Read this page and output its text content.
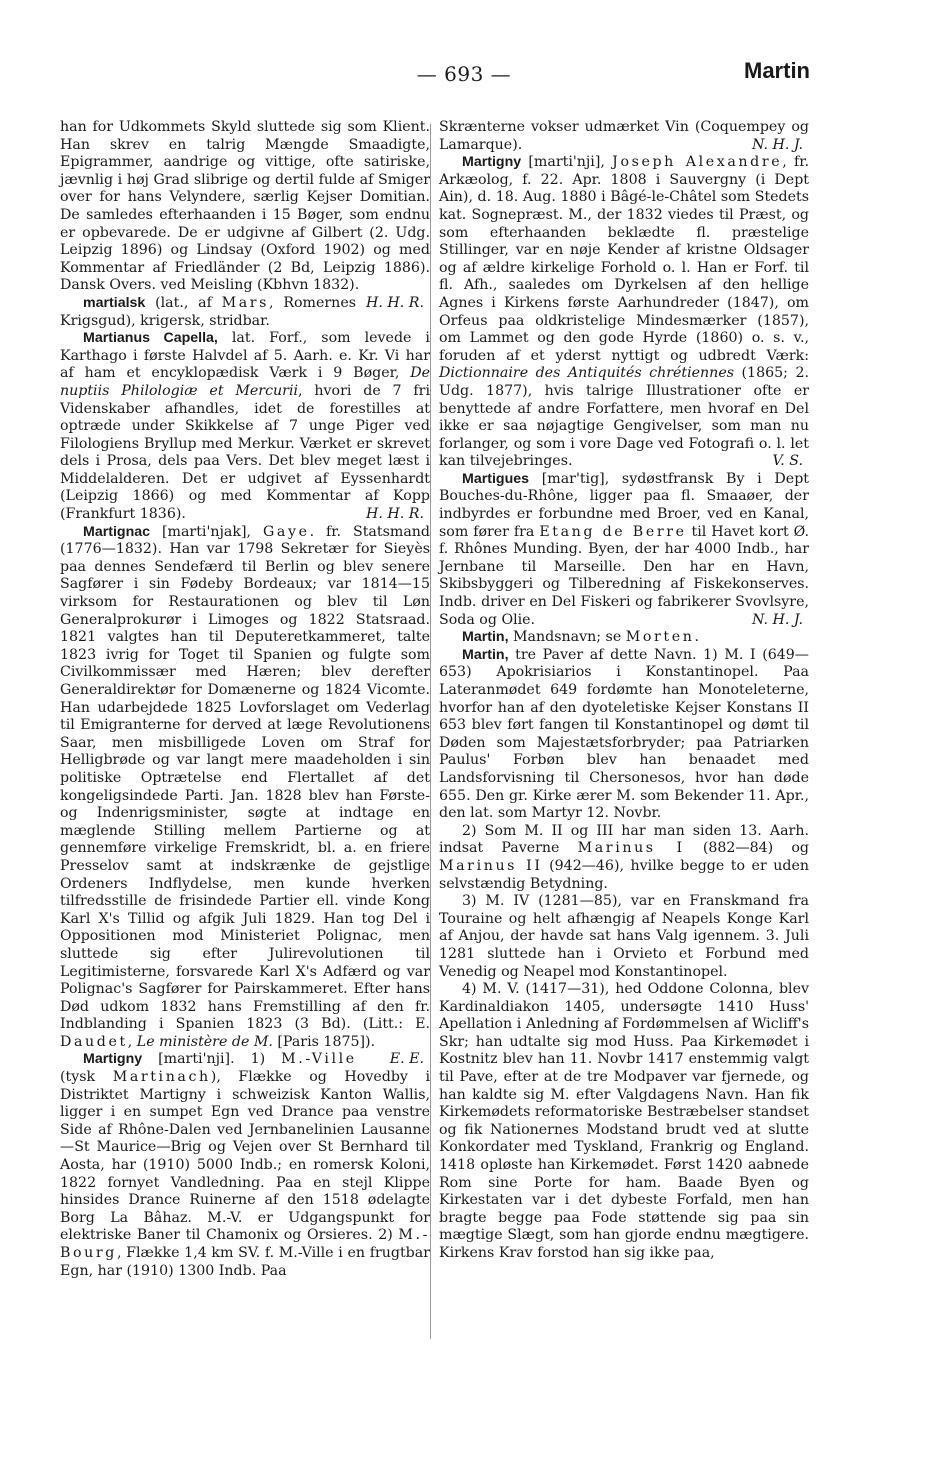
— 693 —	Martin

han for Udkommets Skyld sluttede sig som Klient. Han skrev en talrig Mængde Smaadigte, Epigrammer, aandrige og vittige, ofte satiriske, jævnlig i høj Grad slibrige og dertil fulde af Smiger over for hans Velyndere, særlig Kejser Domitian. De samledes efterhaanden i 15 Bøger, som endnu er opbevarede. De er udgivne af Gilbert (2. Udg. Leipzig 1896) og Lindsay (Oxford 1902) og med Kommentar af Friedländer (2 Bd, Leipzig 1886). Dansk Overs. ved Meisling (Kbhvn 1832).
H. H. R.

martialsk (lat., af Mars, Romernes Krigsgud), krigersk, stridbar.

Martianus Capella, lat. Forf., som levede i Karthago i første Halvdel af 5. Aarh. e. Kr. Vi har af ham et encyklopædisk Værk i 9 Bøger, De nuptiis Philologiæ et Mercurii, hvori de 7 fri Videnskaber afhandles, idet de forestilles at optræde under Skikkelse af 7 unge Piger ved Filologiens Bryllup med Merkur. Værket er skrevet dels i Prosa, dels paa Vers. Det blev meget læst i Middelalderen. Det er udgivet af Eyssenhardt (Leipzig 1866) og med Kommentar af Kopp (Frankfurt 1836).	H. H. R.

Martignac [marti'njak], Gaye. fr. Statsmand (1776—1832). Han var 1798 Sekretær for Sieyès paa dennes Sendefærd til Berlin og blev senere Sagfører i sin Fødeby Bordeaux; var 1814—15 virksom for Restaurationen og blev til Løn Generalprokurør i Limoges og 1822 Statsraad. 1821 valgtes han til Deputeretkammeret, talte 1823 ivrig for Toget til Spanien og fulgte som Civilkommissær med Hæren; blev derefter Generaldirektør for Domænerne og 1824 Vicomte. Han udarbejdede 1825 Lovforslaget om Vederlag til Emigranterne for derved at læge Revolutionens Saar, men misbilligede Loven om Straf for Helligbrøde og var langt mere maadeholden i sin politiske Optrætelse end Flertallet af det kongeligsindede Parti. Jan. 1828 blev han Første- og Indenrigsminister, søgte at indtage en mæglende Stilling mellem Partierne og at gennemføre virkelige Fremskridt, bl. a. en friere Presselov samt at indskrænke de gejstlige Ordeners Indflydelse, men kunde hverken tilfredsstille de frisindede Partier ell. vinde Kong Karl X's Tillid og afgik Juli 1829. Han tog Del i Oppositionen mod Ministeriet Polignac, men sluttede sig efter Julirevolutionen til Legitimisterne, forsvarede Karl X's Adfærd og var Polignac's Sagfører for Pairskammeret. Efter hans Død udkom 1832 hans Fremstilling af den fr. Indblanding i Spanien 1823 (3 Bd). (Litt.: E. Daudet, Le ministère de M. [Paris 1875]).
E. E.

Martigny [marti'nji]. 1) M.-Ville (tysk Martinach), Flække og Hovedby i Distriktet Martigny i schweizisk Kanton Wallis, ligger i en sumpet Egn ved Drance paa venstre Side af Rhône-Dalen ved Jernbanelinien Lausanne—St Maurice—Brig og Vejen over St Bernhard til Aosta, har (1910) 5000 Indb.; en romersk Koloni, 1822 fornyet Vandledning. Paa en stejl Klippe hinsides Drance Ruinerne af den 1518 ødelagte Borg La Bâhaz. M.-V. er Udgangspunkt for elektriske Baner til Chamonix og Orsieres. 2) M.-Bourg, Flække 1,4 km SV. f. M.-Ville i en frugtbar Egn, har (1910) 1300 Indb. Paa

Skrænterne vokser udmærket Vin (Coquempey og Lamarque).	N. H. J.

Martigny [marti'nji], Joseph Alexandre, fr. Arkæolog, f. 22. Apr. 1808 i Sauvergny (i Dept Ain), d. 18. Aug. 1880 i Bâgé-le-Châtel som Stedets kat. Sognepræst. M., der 1832 viedes til Præst, og som efterhaanden beklædte fl. præstelige Stillinger, var en nøje Kender af kristne Oldsager og af ældre kirkelige Forhold o. l. Han er Forf. til fl. Afh., saaledes om Dyrkelsen af den hellige Agnes i Kirkens første Aarhundreder (1847), om Orfeus paa oldkristelige Mindesmærker (1857), om Lammet og den gode Hyrde (1860) o. s. v., foruden af et yderst nyttigt og udbredt Værk: Dictionnaire des Antiquités chrétiennes (1865; 2. Udg. 1877), hvis talrige Illustrationer ofte er benyttede af andre Forfattere, men hvoraf en Del ikke er saa nøjagtige Gengivelser, som man nu forlanger, og som i vore Dage ved Fotografi o. l. let kan tilvejebringes.	V. S.

Martigues [mar'tig], sydøstfransk By i Dept Bouches-du-Rhône, ligger paa fl. Smaaøer, der indbyrdes er forbundne med Broer, ved en Kanal, som fører fra Etang de Berre til Havet kort Ø. f. Rhônes Munding. Byen, der har 4000 Indb., har Jernbane til Marseille. Den har en Havn, Skibsbyggeri og Tilberedning af Fiskekonserves. Indb. driver en Del Fiskeri og fabrikerer Svovlsyre, Soda og Olie.	N. H. J.

Martin, Mandsnavn; se Morten.

Martin, tre Paver af dette Navn. 1) M. I (649—653) Apokrisiarios i Konstantinopel. Paa Lateranmødet 649 fordømte han Monoteleterne, hvorfor han af den dyoteletiske Kejser Konstans II 653 blev ført fangen til Konstantinopel og dømt til Døden som Majestætsforbryder; paa Patriarken Paulus' Forbøn blev han benaadet med Landsforvisning til Chersonesos, hvor han døde 655. Den gr. Kirke ærer M. som Bekender 11. Apr., den lat. som Martyr 12. Novbr.

2) Som M. II og III har man siden 13. Aarh. indsat Paverne Marinus I (882—84) og Marinus II (942—46), hvilke begge to er uden selvstændig Betydning.

3) M. IV (1281—85), var en Franskmand fra Touraine og helt afhængig af Neapels Konge Karl af Anjou, der havde sat hans Valg igennem. 3. Juli 1281 sluttede han i Orvieto et Forbund med Venedig og Neapel mod Konstantinopel.

4) M. V. (1417—31), hed Oddone Colonna, blev Kardinaldiakon 1405, undersøgte 1410 Huss' Apellation i Anledning af Fordømmelsen af Wicliff's Skr; han udtalte sig mod Huss. Paa Kirkemødet i Kostnitz blev han 11. Novbr 1417 enstemmig valgt til Pave, efter at de tre Modpaver var fjernede, og han kaldte sig M. efter Valgdagens Navn. Han fik Kirkemødets reformatoriske Bestræbelser standset og fik Nationernes Modstand brudt ved at slutte Konkordater med Tyskland, Frankrig og England. 1418 opløste han Kirkemødet. Først 1420 aabnede Rom sine Porte for ham. Baade Byen og Kirkestaten var i det dybeste Forfald, men han bragte begge paa Fode støttende sig paa sin mægtige Slægt, som han gjorde endnu mægtigere. Kirkens Krav forstod han sig ikke paa,
